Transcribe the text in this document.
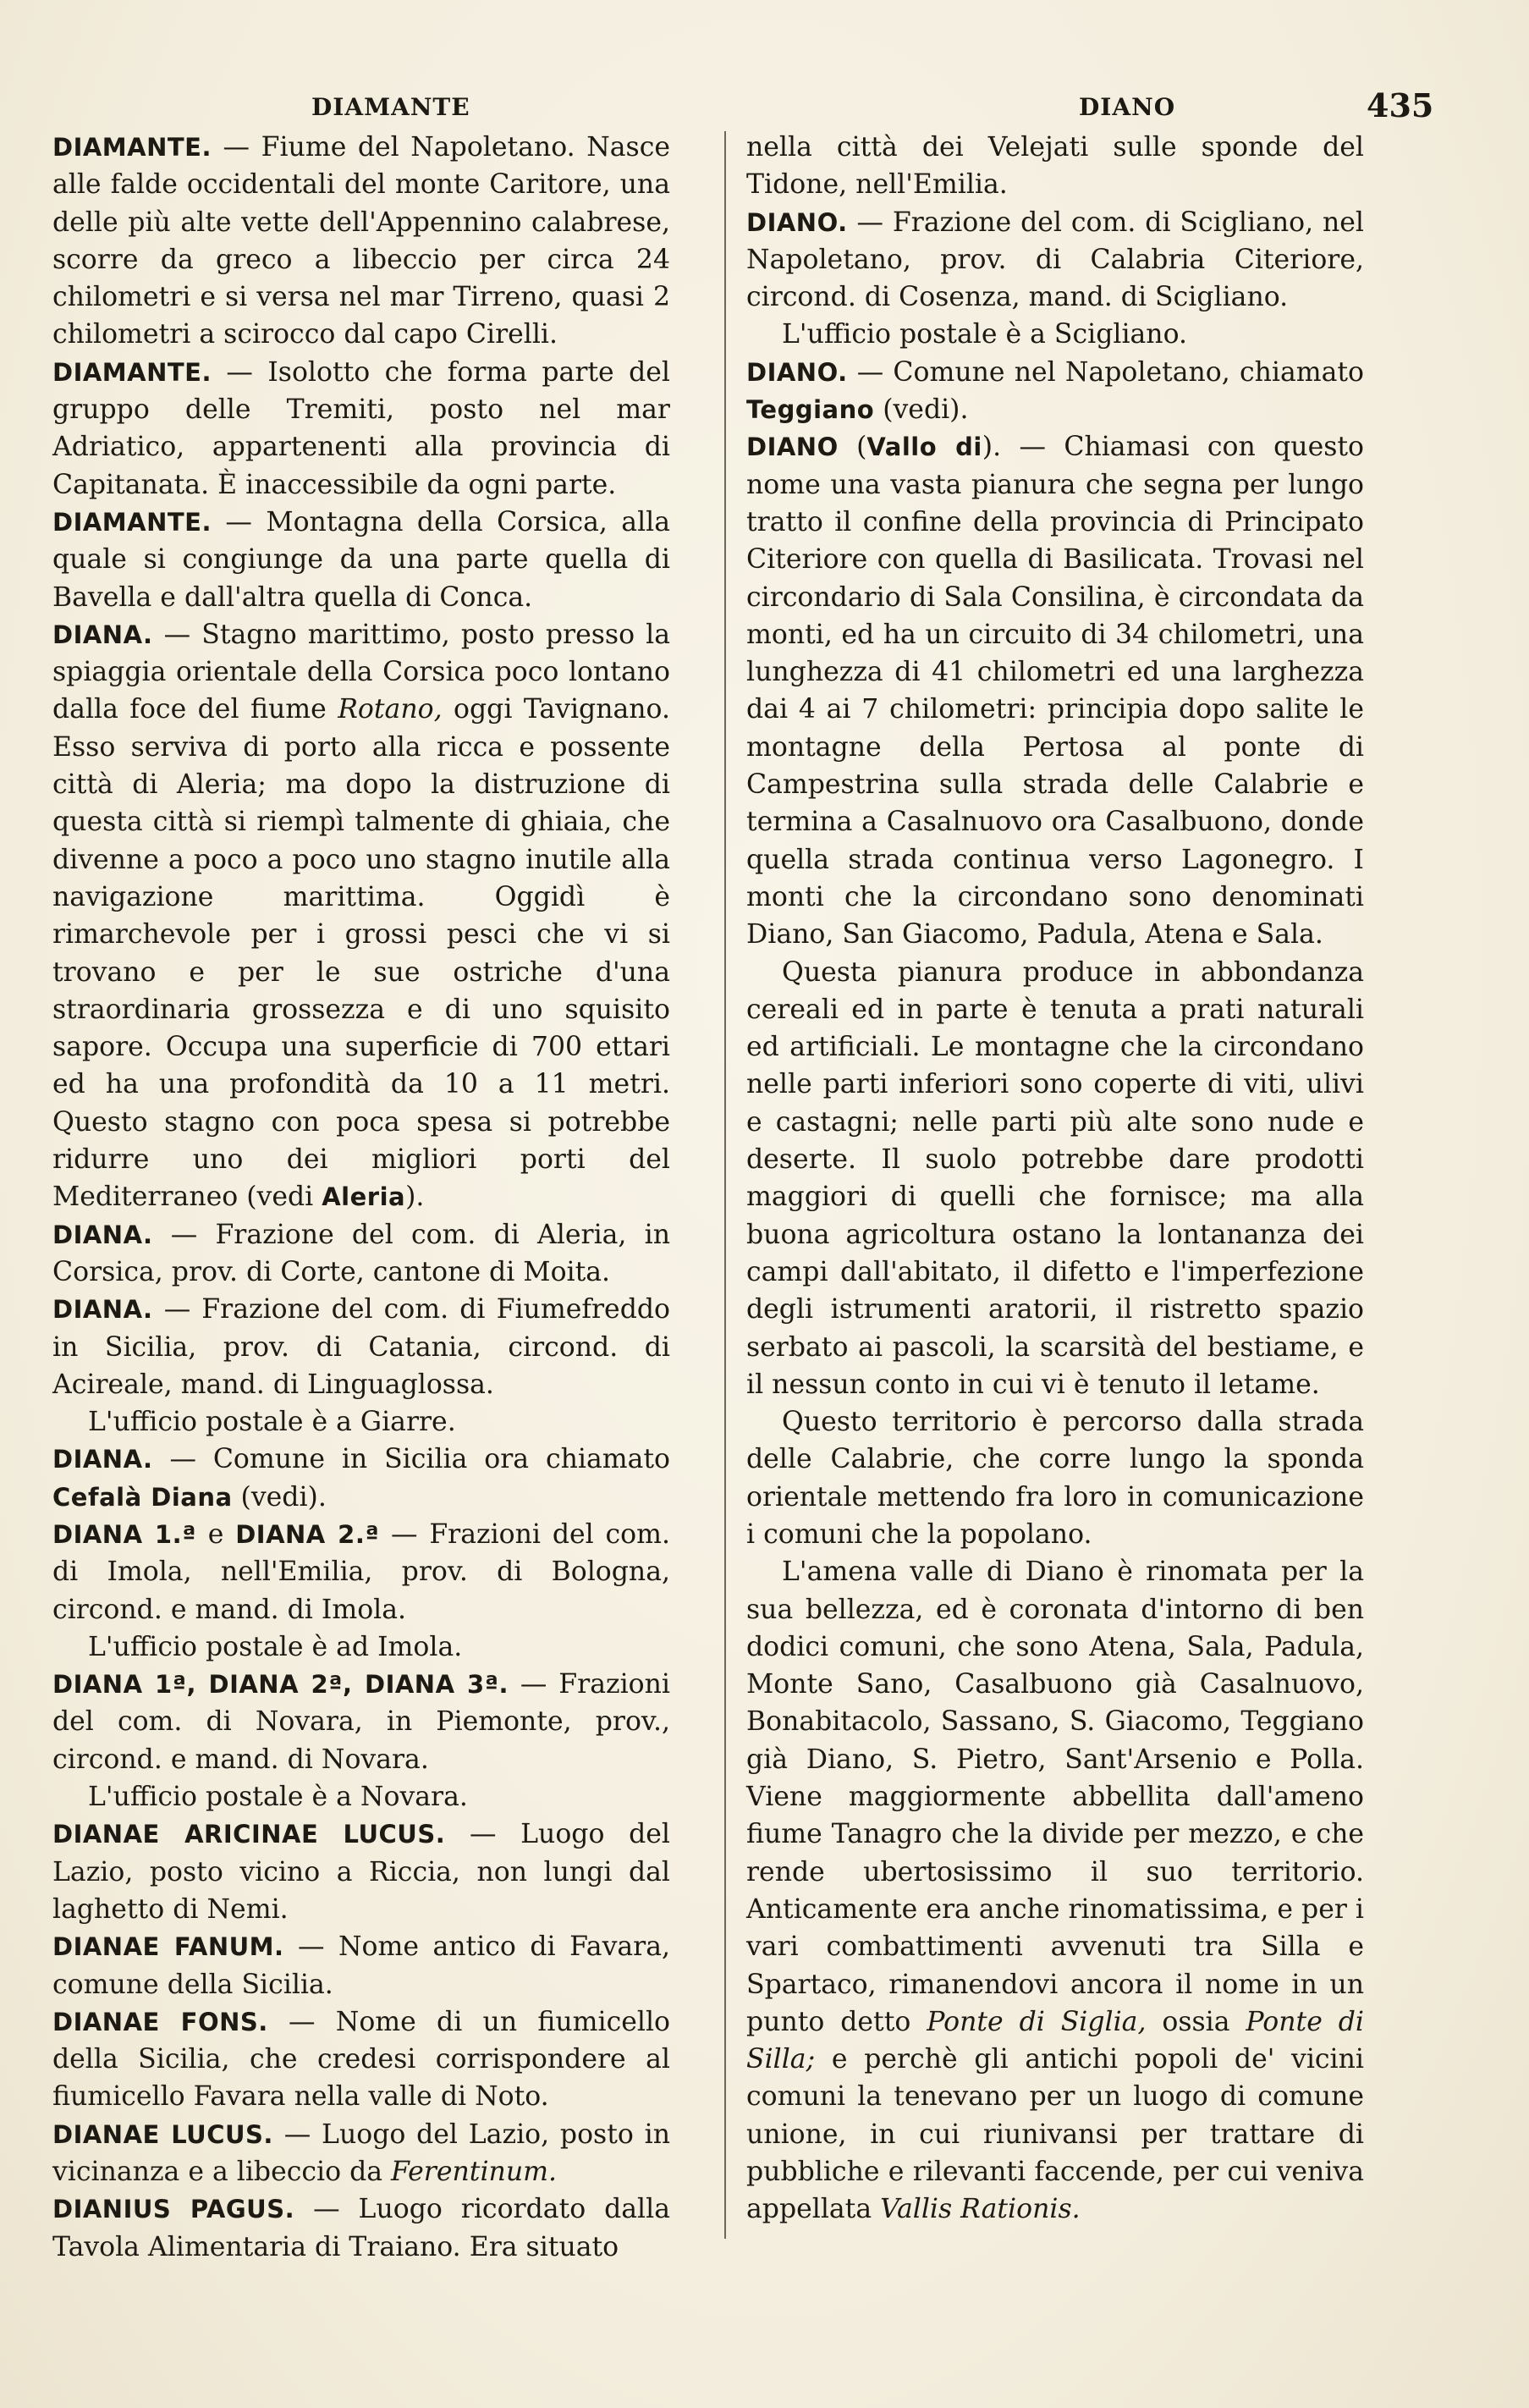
DIAMANTE	DIANO	435

DIAMANTE. — Fiume del Napoletano. Nasce alle falde occidentali del monte Caritore, una delle più alte vette dell'Appennino calabrese, scorre da greco a libeccio per circa 24 chilometri e si versa nel mar Tirreno, quasi 2 chilometri a scirocco dal capo Cirelli.

DIAMANTE. — Isolotto che forma parte del gruppo delle Tremiti, posto nel mar Adriatico, appartenenti alla provincia di Capitanata. È inaccessibile da ogni parte.

DIAMANTE. — Montagna della Corsica, alla quale si congiunge da una parte quella di Bavella e dall'altra quella di Conca.

DIANA. — Stagno marittimo, posto presso la spiaggia orientale della Corsica poco lontano dalla foce del fiume Rotano, oggi Tavignano. Esso serviva di porto alla ricca e possente città di Aleria; ma dopo la distruzione di questa città si riempì talmente di ghiaia, che divenne a poco a poco uno stagno inutile alla navigazione marittima. Oggidì è rimarchevole per i grossi pesci che vi si trovano e per le sue ostriche d'una straordinaria grossezza e di uno squisito sapore. Occupa una superficie di 700 ettari ed ha una profondità da 10 a 11 metri. Questo stagno con poca spesa si potrebbe ridurre uno dei migliori porti del Mediterraneo (vedi Aleria).

DIANA. — Frazione del com. di Aleria, in Corsica, prov. di Corte, cantone di Moita.

DIANA. — Frazione del com. di Fiumefreddo in Sicilia, prov. di Catania, circond. di Acireale, mand. di Linguaglossa.

L'ufficio postale è a Giarre.

DIANA. — Comune in Sicilia ora chiamato Cefalà Diana (vedi).

DIANA 1.ª e DIANA 2.ª — Frazioni del com. di Imola, nell'Emilia, prov. di Bologna, circond. e mand. di Imola.

L'ufficio postale è ad Imola.

DIANA 1ª, DIANA 2ª, DIANA 3ª. — Frazioni del com. di Novara, in Piemonte, prov., circond. e mand. di Novara.

L'ufficio postale è a Novara.

DIANAE ARICINAE LUCUS. — Luogo del Lazio, posto vicino a Riccia, non lungi dal laghetto di Nemi.

DIANAE FANUM. — Nome antico di Favara, comune della Sicilia.

DIANAE FONS. — Nome di un fiumicello della Sicilia, che credesi corrispondere al fiumicello Favara nella valle di Noto.

DIANAE LUCUS. — Luogo del Lazio, posto in vicinanza e a libeccio da Ferentinum.

DIANIUS PAGUS. — Luogo ricordato dalla Tavola Alimentaria di Traiano. Era situato

nella città dei Velejati sulle sponde del Tidone, nell'Emilia.

DIANO. — Frazione del com. di Scigliano, nel Napoletano, prov. di Calabria Citeriore, circond. di Cosenza, mand. di Scigliano.

L'ufficio postale è a Scigliano.

DIANO. — Comune nel Napoletano, chiamato Teggiano (vedi).

DIANO (Vallo di). — Chiamasi con questo nome una vasta pianura che segna per lungo tratto il confine della provincia di Principato Citeriore con quella di Basilicata. Trovasi nel circondario di Sala Consilina, è circondata da monti, ed ha un circuito di 34 chilometri, una lunghezza di 41 chilometri ed una larghezza dai 4 ai 7 chilometri: principia dopo salite le montagne della Pertosa al ponte di Campestrina sulla strada delle Calabrie e termina a Casalnuovo ora Casalbuono, donde quella strada continua verso Lagonegro. I monti che la circondano sono denominati Diano, San Giacomo, Padula, Atena e Sala.

Questa pianura produce in abbondanza cereali ed in parte è tenuta a prati naturali ed artificiali. Le montagne che la circondano nelle parti inferiori sono coperte di viti, ulivi e castagni; nelle parti più alte sono nude e deserte. Il suolo potrebbe dare prodotti maggiori di quelli che fornisce; ma alla buona agricoltura ostano la lontananza dei campi dall'abitato, il difetto e l'imperfezione degli istrumenti aratorii, il ristretto spazio serbato ai pascoli, la scarsità del bestiame, e il nessun conto in cui vi è tenuto il letame.

Questo territorio è percorso dalla strada delle Calabrie, che corre lungo la sponda orientale mettendo fra loro in comunicazione i comuni che la popolano.

L'amena valle di Diano è rinomata per la sua bellezza, ed è coronata d'intorno di ben dodici comuni, che sono Atena, Sala, Padula, Monte Sano, Casalbuono già Casalnuovo, Bonabitacolo, Sassano, S. Giacomo, Teggiano già Diano, S. Pietro, Sant'Arsenio e Polla. Viene maggiormente abbellita dall'ameno fiume Tanagro che la divide per mezzo, e che rende ubertosissimo il suo territorio. Anticamente era anche rinomatissima, e per i vari combattimenti avvenuti tra Silla e Spartaco, rimanendovi ancora il nome in un punto detto Ponte di Siglia, ossia Ponte di Silla; e perchè gli antichi popoli de' vicini comuni la tenevano per un luogo di comune unione, in cui riunivansi per trattare di pubbliche e rilevanti faccende, per cui veniva appellata Vallis Rationis.
